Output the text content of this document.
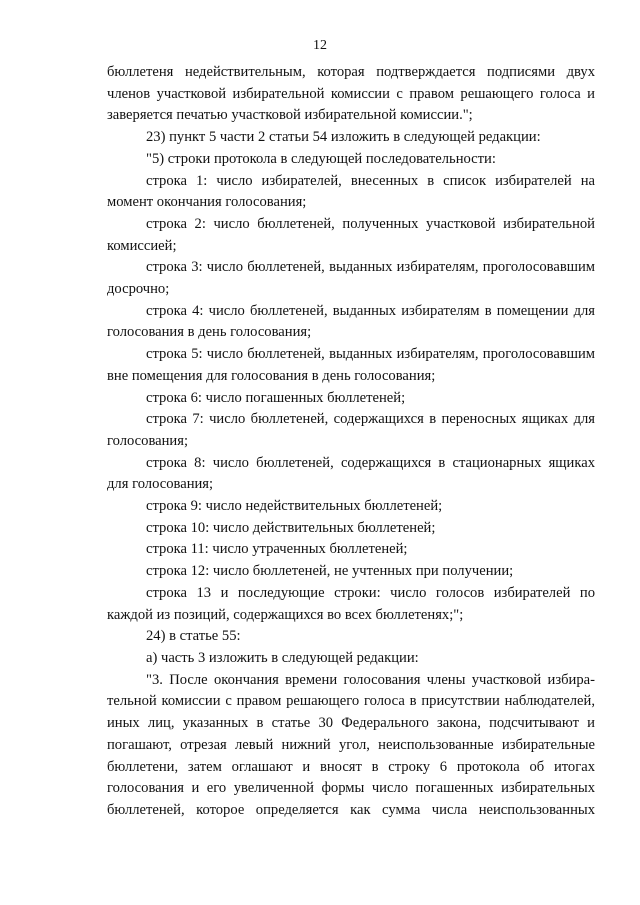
12

бюллетеня недействительным, которая подтверждается подписями двух членов участковой избирательной комиссии с правом решающего голоса и заверяется печатью участковой избирательной комиссии.";

23) пункт 5 части 2 статьи 54 изложить в следующей редакции:

"5) строки протокола в следующей последовательности:

строка 1: число избирателей, внесенных в список избирателей на момент окончания голосования;

строка 2: число бюллетеней, полученных участковой избирательной комиссией;

строка 3: число бюллетеней, выданных избирателям, проголосовавшим досрочно;

строка 4: число бюллетеней, выданных избирателям в помещении для голосования в день голосования;

строка 5: число бюллетеней, выданных избирателям, проголосовавшим вне помещения для голосования в день голосования;

строка 6: число погашенных бюллетеней;

строка 7: число бюллетеней, содержащихся в переносных ящиках для голосования;

строка 8: число бюллетеней, содержащихся в стационарных ящиках для голосования;

строка 9: число недействительных бюллетеней;

строка 10: число действительных бюллетеней;

строка 11: число утраченных бюллетеней;

строка 12: число бюллетеней, не учтенных при получении;

строка 13 и последующие строки: число голосов избирателей по каждой из позиций, содержащихся во всех бюллетенях;";

24) в статье 55:

а) часть 3 изложить в следующей редакции:

"3. После окончания времени голосования члены участковой избирательной комиссии с правом решающего голоса в присутствии наблюдателей, иных лиц, указанных в статье 30 Федерального закона, подсчитывают и погашают, отрезая левый нижний угол, неиспользованные избирательные бюллетени, затем оглашают и вносят в строку 6 протокола об итогах голосования и его увеличенной формы число погашенных избирательных бюллетеней, которое определяется как сумма числа неиспользованных
